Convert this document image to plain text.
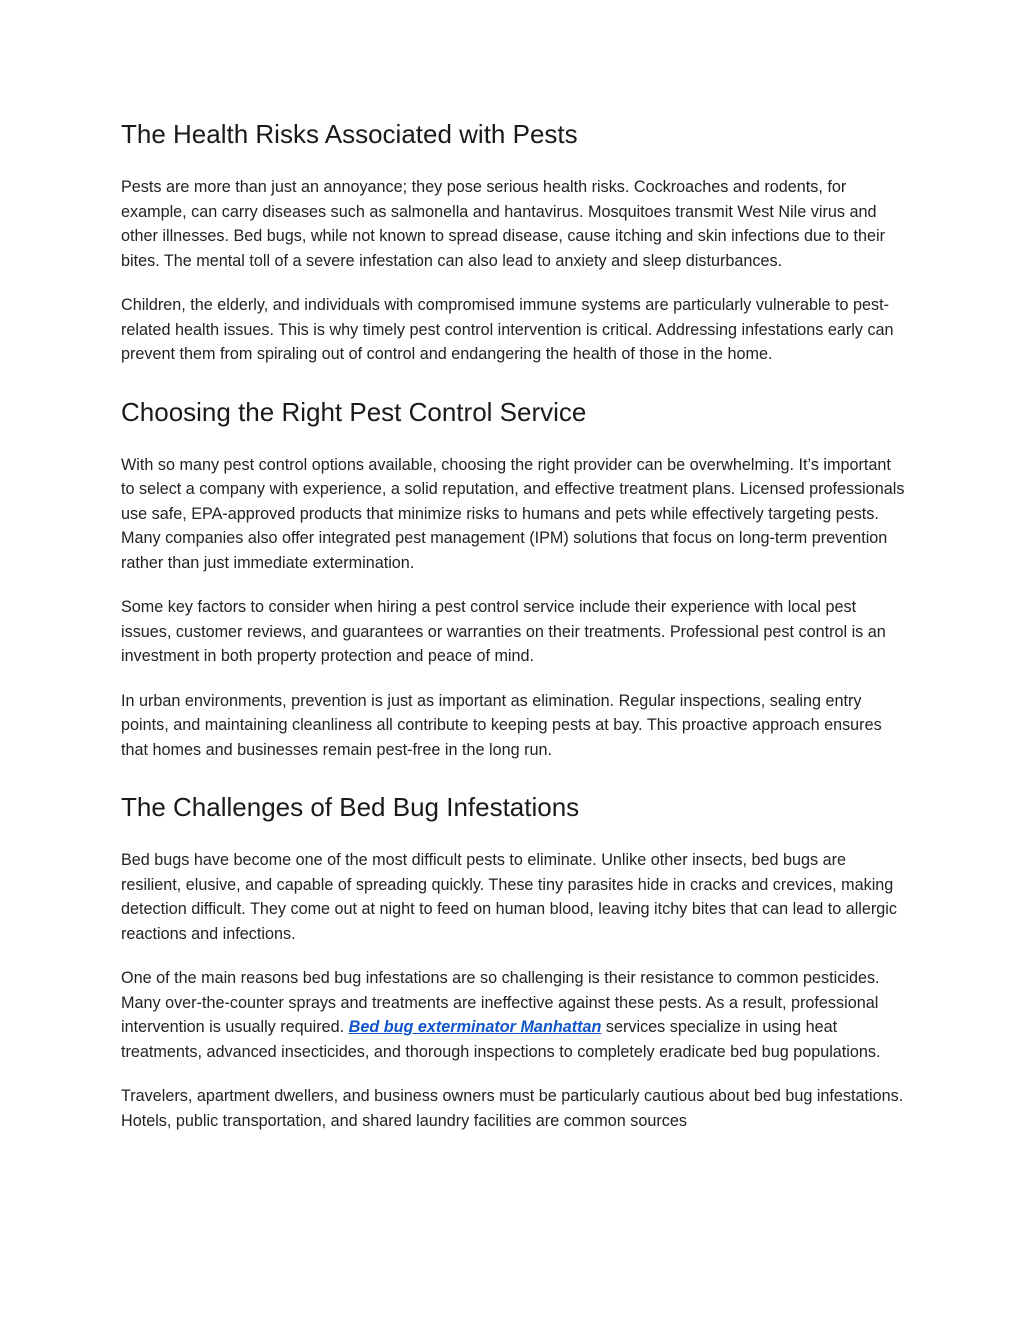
The Health Risks Associated with Pests

Pests are more than just an annoyance; they pose serious health risks. Cockroaches and rodents, for example, can carry diseases such as salmonella and hantavirus. Mosquitoes transmit West Nile virus and other illnesses. Bed bugs, while not known to spread disease, cause itching and skin infections due to their bites. The mental toll of a severe infestation can also lead to anxiety and sleep disturbances.

Children, the elderly, and individuals with compromised immune systems are particularly vulnerable to pest-related health issues. This is why timely pest control intervention is critical. Addressing infestations early can prevent them from spiraling out of control and endangering the health of those in the home.

Choosing the Right Pest Control Service

With so many pest control options available, choosing the right provider can be overwhelming. It’s important to select a company with experience, a solid reputation, and effective treatment plans. Licensed professionals use safe, EPA-approved products that minimize risks to humans and pets while effectively targeting pests. Many companies also offer integrated pest management (IPM) solutions that focus on long-term prevention rather than just immediate extermination.

Some key factors to consider when hiring a pest control service include their experience with local pest issues, customer reviews, and guarantees or warranties on their treatments. Professional pest control is an investment in both property protection and peace of mind.

In urban environments, prevention is just as important as elimination. Regular inspections, sealing entry points, and maintaining cleanliness all contribute to keeping pests at bay. This proactive approach ensures that homes and businesses remain pest-free in the long run.

The Challenges of Bed Bug Infestations

Bed bugs have become one of the most difficult pests to eliminate. Unlike other insects, bed bugs are resilient, elusive, and capable of spreading quickly. These tiny parasites hide in cracks and crevices, making detection difficult. They come out at night to feed on human blood, leaving itchy bites that can lead to allergic reactions and infections.

One of the main reasons bed bug infestations are so challenging is their resistance to common pesticides. Many over-the-counter sprays and treatments are ineffective against these pests. As a result, professional intervention is usually required. Bed bug exterminator Manhattan services specialize in using heat treatments, advanced insecticides, and thorough inspections to completely eradicate bed bug populations.

Travelers, apartment dwellers, and business owners must be particularly cautious about bed bug infestations. Hotels, public transportation, and shared laundry facilities are common sources
